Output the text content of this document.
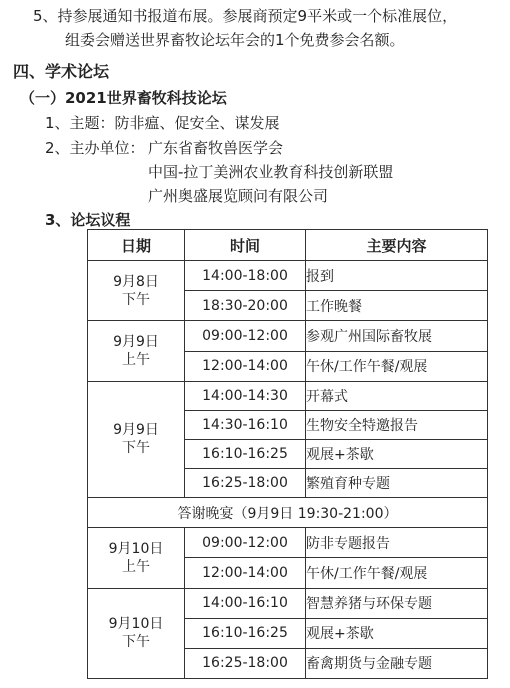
5、持参展通知书报道布展。参展商预定9平米或一个标准展位，
组委会赠送世界畜牧论坛年会的1个免费参会名额。
四、学术论坛
（一）2021世界畜牧科技论坛
1、主题：防非瘟、促安全、谋发展
2、主办单位： 广东省畜牧兽医学会
中国-拉丁美洲农业教育科技创新联盟
广州奥盛展览顾问有限公司
3、论坛议程
日期	时间	主要内容

9月8日
下午	14:00-18:00	报到
	18:30-20:00	工作晚餐

9月9日
上午	09:00-12:00	参观广州国际畜牧展
	12:00-14:00	午休/工作午餐/观展

9月9日
下午	14:00-14:30	开幕式
	14:30-16:10	生物安全特邀报告
	16:10-16:25	观展+茶歇
	16:25-18:00	繁殖育种专题
答谢晚宴（9月9日 19:30-21:00）		

9月10日
上午	09:00-12:00	防非专题报告
	12:00-14:00	午休/工作午餐/观展

9月10日
下午	14:00-16:10	智慧养猪与环保专题
	16:10-16:25	观展+茶歇
	16:25-18:00	畜禽期货与金融专题
